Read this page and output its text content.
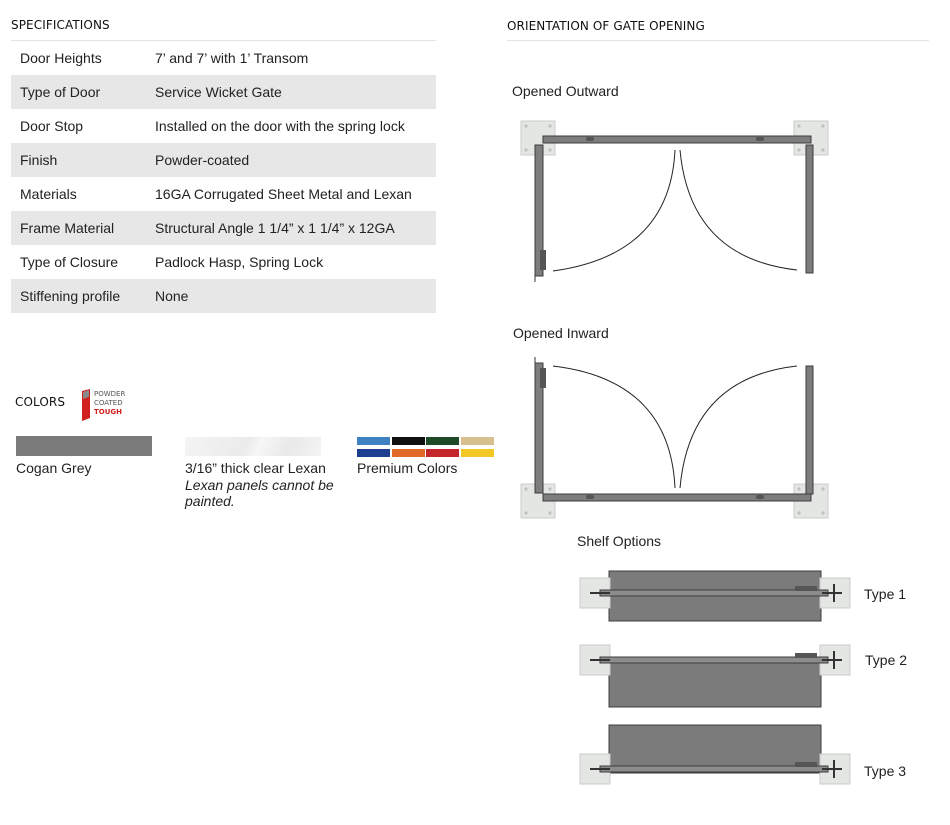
SPECIFICATIONS
Door Heights	7’ and 7’ with 1’ Transom
Type of Door	Service Wicket Gate
Door Stop	Installed on the door with the spring lock
Finish	Powder-coated
Materials	16GA Corrugated Sheet Metal and Lexan
Frame Material	Structural Angle 1 1/4” x 1 1/4” x 12GA
Type of Closure	Padlock Hasp, Spring Lock
Stiffening profile	None
COLORS
POWDER
COATED
TOUGH
Cogan Grey	3/16” thick clear Lexan
Lexan panels cannot be painted.
Premium Colors
ORIENTATION OF GATE OPENING
Opened Outward
Opened Inward
Shelf Options
Type 1
Type 2
Type 3
